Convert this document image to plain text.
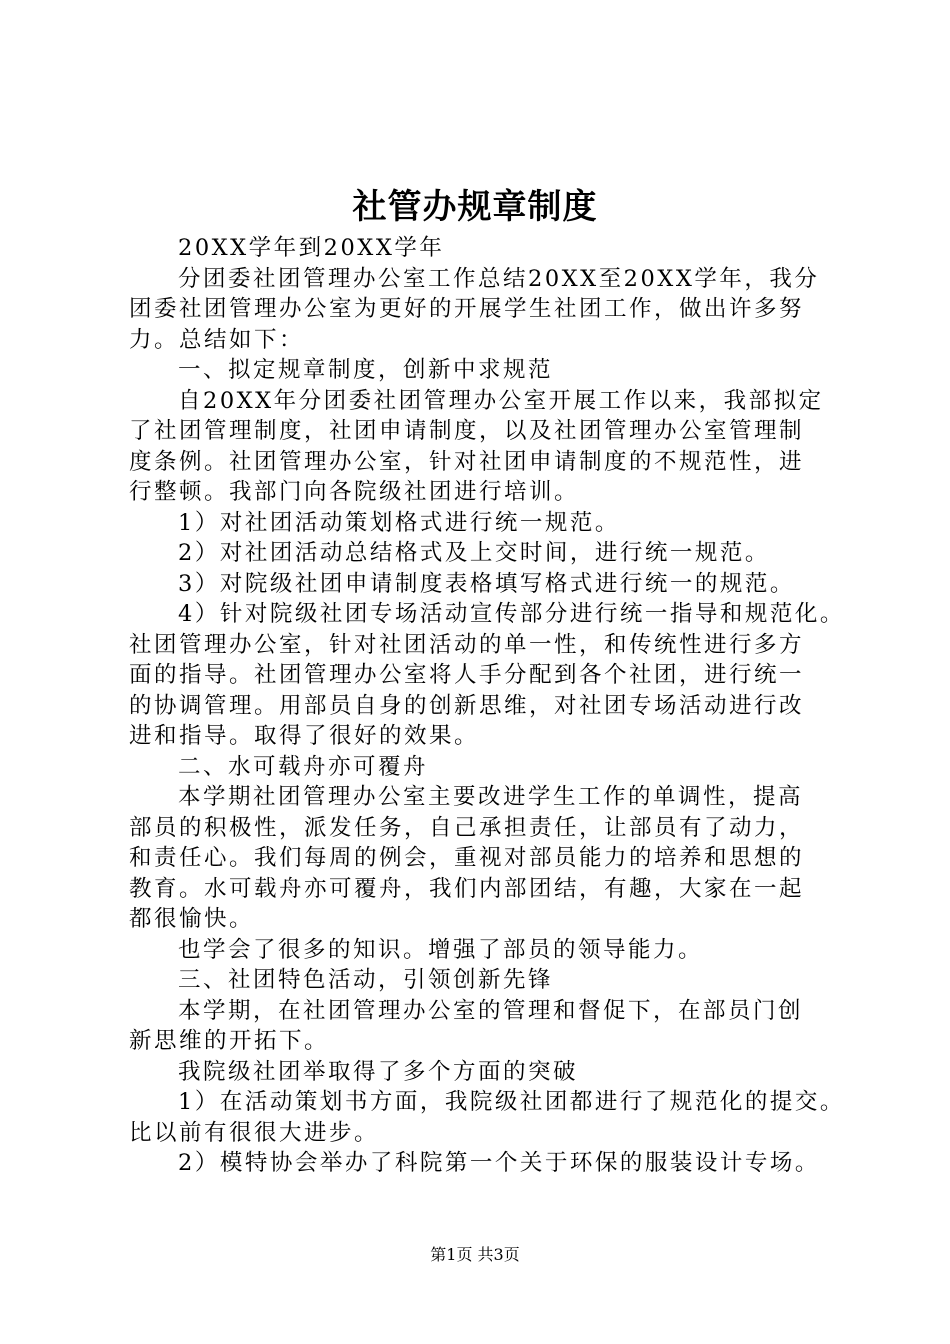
社管办规章制度
20XX学年到20XX学年
分团委社团管理办公室工作总结20XX至20XX学年，我分
团委社团管理办公室为更好的开展学生社团工作，做出许多努
力。总结如下：
一、拟定规章制度，创新中求规范
自20XX年分团委社团管理办公室开展工作以来，我部拟定
了社团管理制度，社团申请制度，以及社团管理办公室管理制
度条例。社团管理办公室，针对社团申请制度的不规范性，进
行整顿。我部门向各院级社团进行培训。
1）对社团活动策划格式进行统一规范。
2）对社团活动总结格式及上交时间，进行统一规范。
3）对院级社团申请制度表格填写格式进行统一的规范。
4）针对院级社团专场活动宣传部分进行统一指导和规范化。
社团管理办公室，针对社团活动的单一性，和传统性进行多方
面的指导。社团管理办公室将人手分配到各个社团，进行统一
的协调管理。用部员自身的创新思维，对社团专场活动进行改
进和指导。取得了很好的效果。
二、水可载舟亦可覆舟
本学期社团管理办公室主要改进学生工作的单调性，提高
部员的积极性，派发任务，自己承担责任，让部员有了动力，
和责任心。我们每周的例会，重视对部员能力的培养和思想的
教育。水可载舟亦可覆舟，我们内部团结，有趣，大家在一起
都很愉快。
也学会了很多的知识。增强了部员的领导能力。
三、社团特色活动，引领创新先锋
本学期，在社团管理办公室的管理和督促下，在部员门创
新思维的开拓下。
我院级社团举取得了多个方面的突破
1）在活动策划书方面，我院级社团都进行了规范化的提交。
比以前有很很大进步。
2）模特协会举办了科院第一个关于环保的服装设计专场。
第1页 共3页
